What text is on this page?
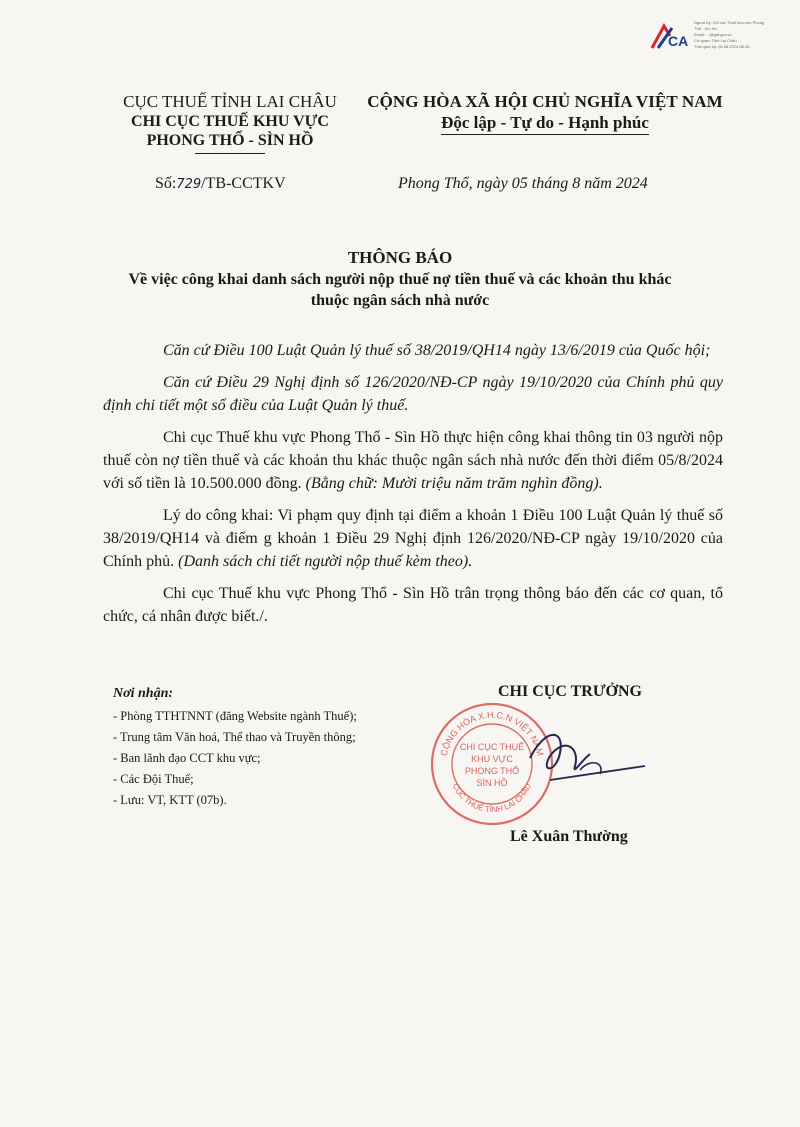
CA
Người ký: Chi cục Thuế khu vực Phong
Thổ - Sìn Hồ
Email: ...@gdt.gov.vn
Cơ quan: Tỉnh Lai Châu
Thời gian ký: 05.08.2024 08:16
CỤC THUẾ TỈNH LAI CHÂU
CHI CỤC THUẾ KHU VỰC
PHONG THỔ - SÌN HỒ
CỘNG HÒA XÃ HỘI CHỦ NGHĨA VIỆT NAM
Độc lập - Tự do - Hạnh phúc
Số:729/TB-CCTKV	Phong Thổ, ngày 05 tháng 8 năm 2024
THÔNG BÁO
Về việc công khai danh sách người nộp thuế nợ tiền thuế và các khoản thu khác thuộc ngân sách nhà nước

Căn cứ Điều 100 Luật Quản lý thuế số 38/2019/QH14 ngày 13/6/2019 của Quốc hội;

Căn cứ Điều 29 Nghị định số 126/2020/NĐ-CP ngày 19/10/2020 của Chính phủ quy định chi tiết một số điều của Luật Quản lý thuế.

Chi cục Thuế khu vực Phong Thổ - Sìn Hồ thực hiện công khai thông tin 03 người nộp thuế còn nợ tiền thuế và các khoản thu khác thuộc ngân sách nhà nước đến thời điểm 05/8/2024 với số tiền là 10.500.000 đồng. (Bằng chữ: Mười triệu năm trăm nghìn đồng).

Lý do công khai: Vi phạm quy định tại điểm a khoản 1 Điều 100 Luật Quản lý thuế số 38/2019/QH14 và điểm g khoản 1 Điều 29 Nghị định 126/2020/NĐ-CP ngày 19/10/2020 của Chính phủ. (Danh sách chi tiết người nộp thuế kèm theo).

Chi cục Thuế khu vực Phong Thổ - Sìn Hồ trân trọng thông báo đến các cơ quan, tổ chức, cá nhân được biết./.

Nơi nhận:
- Phòng TTHTNNT (đăng Website ngành Thuế);
- Trung tâm Văn hoá, Thể thao và Truyền thông;
- Ban lãnh đạo CCT khu vực;
- Các Đội Thuế;
- Lưu: VT, KTT (07b).
CHI CỤC TRƯỞNG
CỘNG HÒA X.H.C.N VIỆT NAM
CỤC THUẾ TỈNH LAI CHÂU
CHI CỤC THUẾ
KHU VỰC
PHONG THỔ
SÌN HỒ
Lê Xuân Thường
